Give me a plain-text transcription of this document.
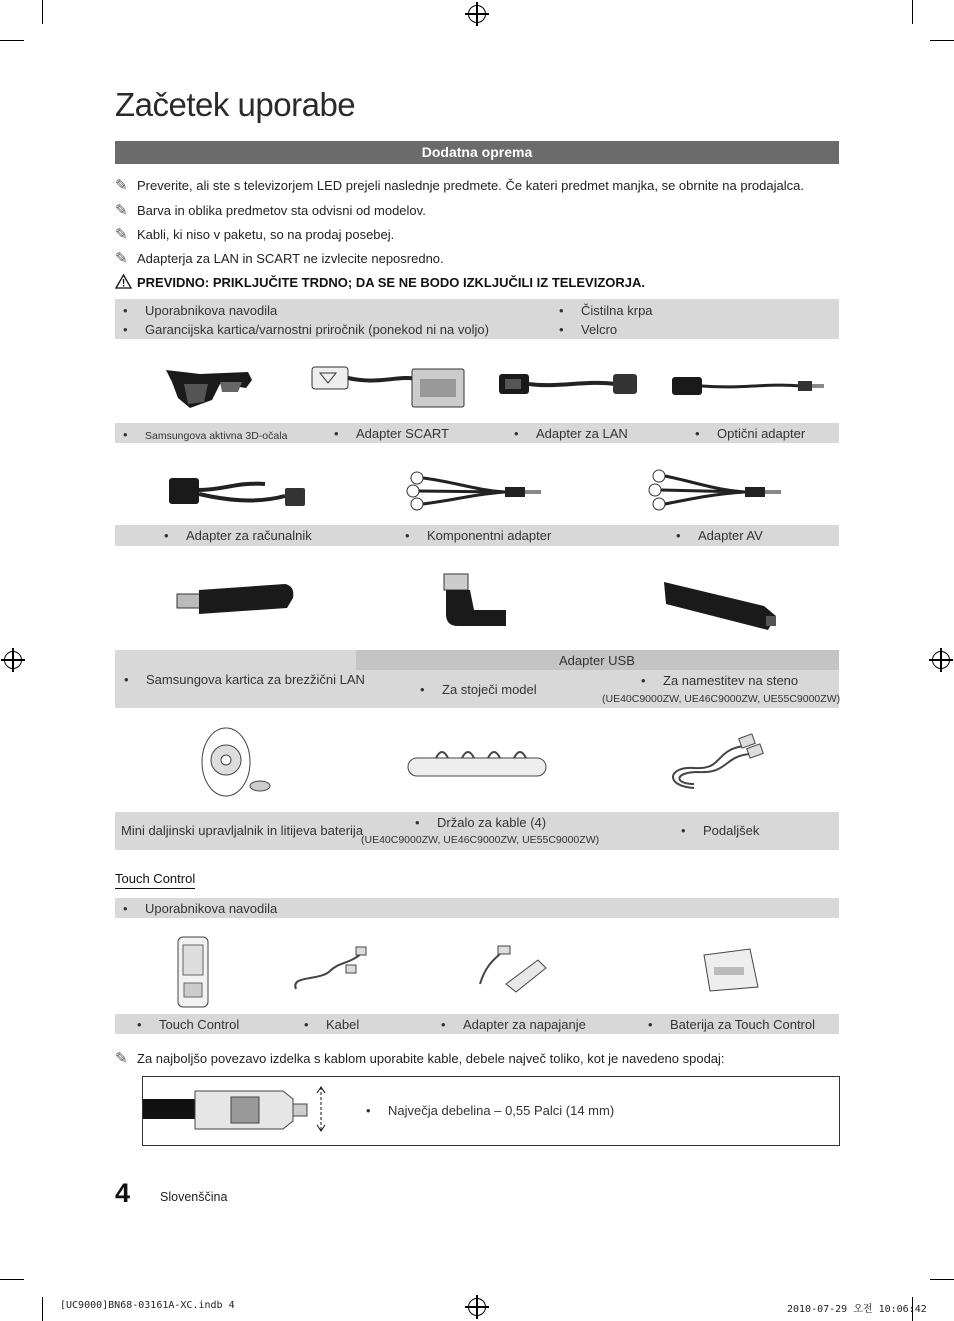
Začetek uporabe
Dodatna oprema
✎ Preverite, ali ste s televizorjem LED prejeli naslednje predmete. Če kateri predmet manjka, se obrnite na prodajalca.
✎ Barva in oblika predmetov sta odvisni od modelov.
✎ Kabli, ki niso v paketu, so na prodaj posebej.
✎ Adapterja za LAN in SCART ne izvlecite neposredno.
PREVIDNO: PRIKLJUČITE TRDNO; DA SE NE BODO IZKLJUČILI IZ TELEVIZORJA.
• Uporabnikova navodila
• Garancijska kartica/varnostni priročnik (ponekod ni na voljo)
• Čistilna krpa
• Velcro
• Samsungova aktivna 3D-očala	• Adapter SCART	• Adapter za LAN	• Optični adapter
• Adapter za računalnik	• Komponentni adapter	• Adapter AV
• Samsungova kartica za brezžični LAN
Adapter USB
• Za stoječi model
• Za namestitev na steno
(UE40C9000ZW, UE46C9000ZW, UE55C9000ZW)
Mini daljinski upravljalnik in litijeva baterija
• Držalo za kable (4)
(UE40C9000ZW, UE46C9000ZW, UE55C9000ZW)
• Podaljšek
Touch Control
• Uporabnikova navodila
• Touch Control	• Kabel	• Adapter za napajanje	• Baterija za Touch Control
✎ Za najboljšo povezavo izdelka s kablom uporabite kable, debele največ toliko, kot je navedeno spodaj:
• Največja debelina – 0,55 Palci (14 mm)
4 Slovenščina
[UC9000]BN68-03161A-XC.indb 4	2010-07-29 오전 10:06:42
